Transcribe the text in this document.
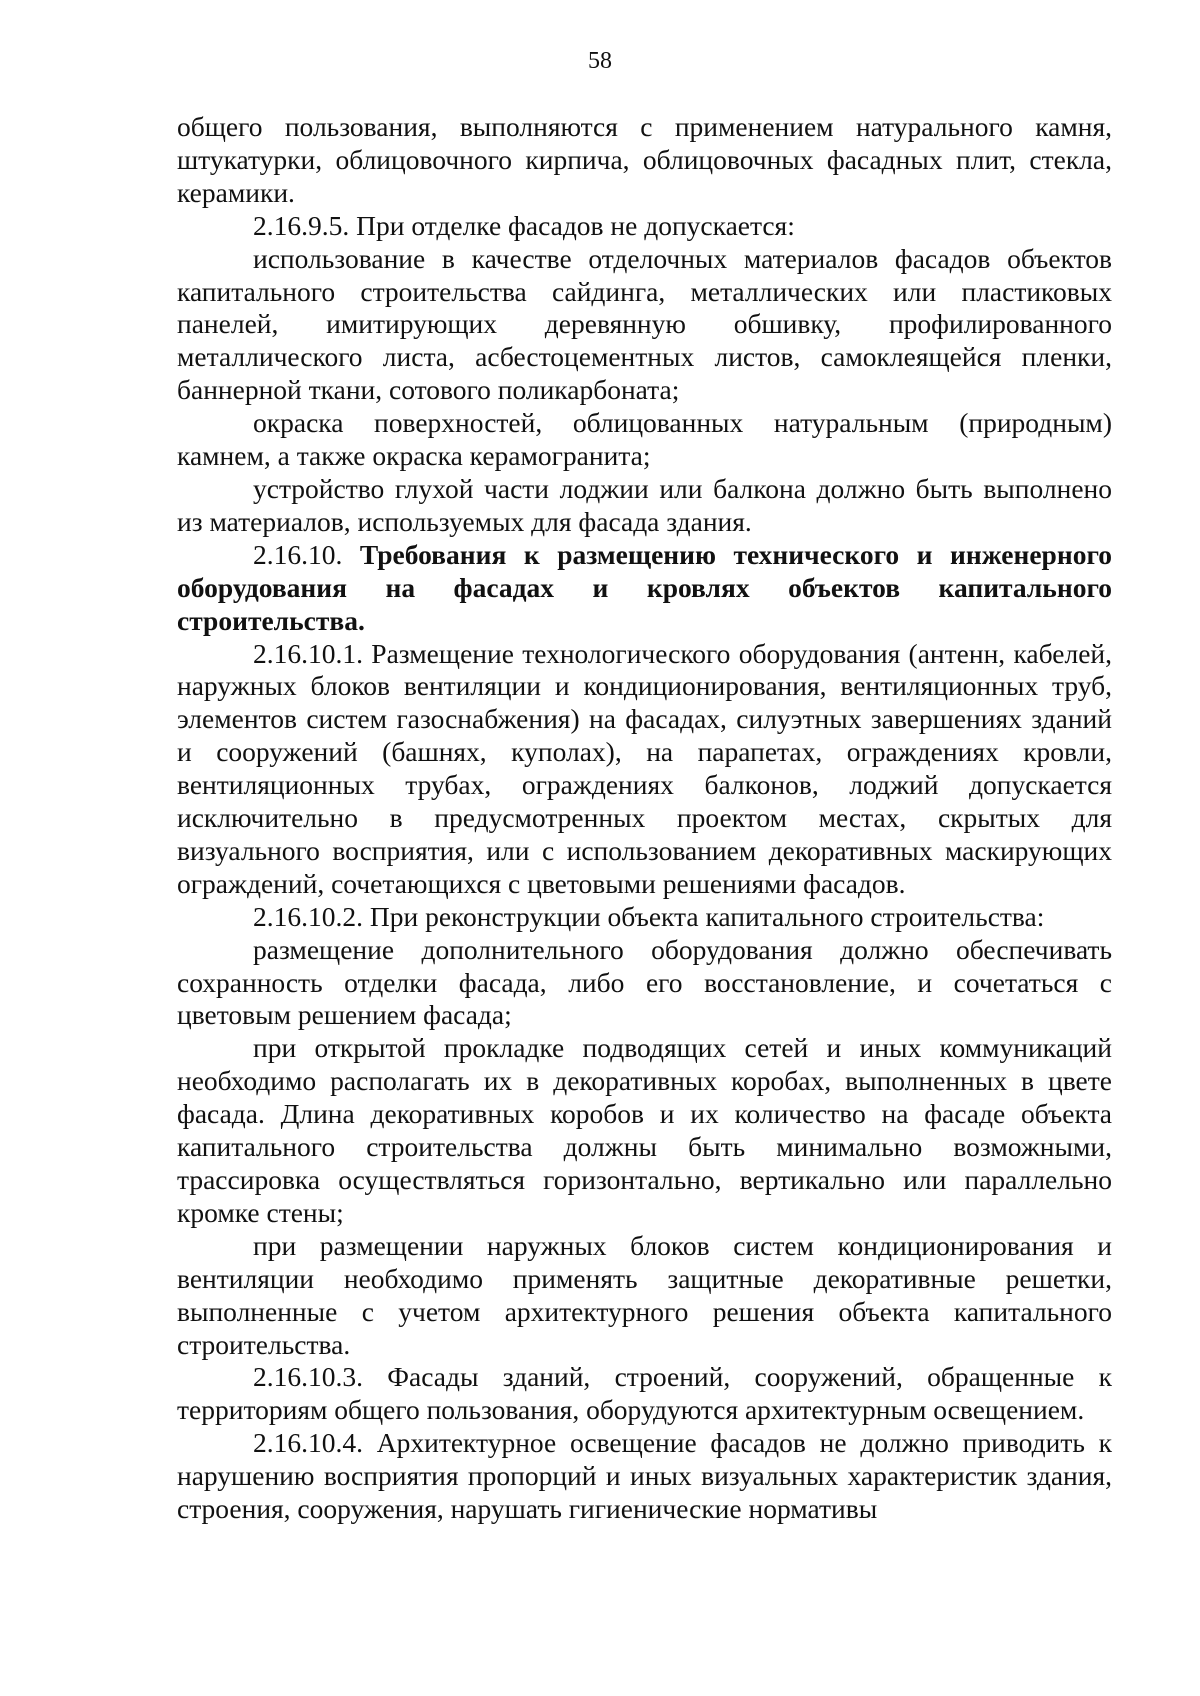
58

общего пользования, выполняются с применением натурального камня, штукатурки, облицовочного кирпича, облицовочных фасадных плит, стекла, керамики.

2.16.9.5. При отделке фасадов не допускается:

использование в качестве отделочных материалов фасадов объектов капитального строительства сайдинга, металлических или пластиковых панелей, имитирующих деревянную обшивку, профилированного металлического листа, асбестоцементных листов, самоклеящейся пленки, баннерной ткани, сотового поликарбоната;

окраска поверхностей, облицованных натуральным (природным) камнем, а также окраска керамогранита;

устройство глухой части лоджии или балкона должно быть выполнено из материалов, используемых для фасада здания.

2.16.10. Требования к размещению технического и инженерного оборудования на фасадах и кровлях объектов капитального строительства.

2.16.10.1. Размещение технологического оборудования (антенн, кабелей, наружных блоков вентиляции и кондиционирования, вентиляционных труб, элементов систем газоснабжения) на фасадах, силуэтных завершениях зданий и сооружений (башнях, куполах), на парапетах, ограждениях кровли, вентиляционных трубах, ограждениях балконов, лоджий допускается исключительно в предусмотренных проектом местах, скрытых для визуального восприятия, или с использованием декоративных маскирующих ограждений, сочетающихся с цветовыми решениями фасадов.

2.16.10.2. При реконструкции объекта капитального строительства:

размещение дополнительного оборудования должно обеспечивать сохранность отделки фасада, либо его восстановление, и сочетаться с цветовым решением фасада;

при открытой прокладке подводящих сетей и иных коммуникаций необходимо располагать их в декоративных коробах, выполненных в цвете фасада. Длина декоративных коробов и их количество на фасаде объекта капитального строительства должны быть минимально возможными, трассировка осуществляться горизонтально, вертикально или параллельно кромке стены;

при размещении наружных блоков систем кондиционирования и вентиляции необходимо применять защитные декоративные решетки, выполненные с учетом архитектурного решения объекта капитального строительства.

2.16.10.3. Фасады зданий, строений, сооружений, обращенные к территориям общего пользования, оборудуются архитектурным освещением.

2.16.10.4. Архитектурное освещение фасадов не должно приводить к нарушению восприятия пропорций и иных визуальных характеристик здания, строения, сооружения, нарушать гигиенические нормативы
